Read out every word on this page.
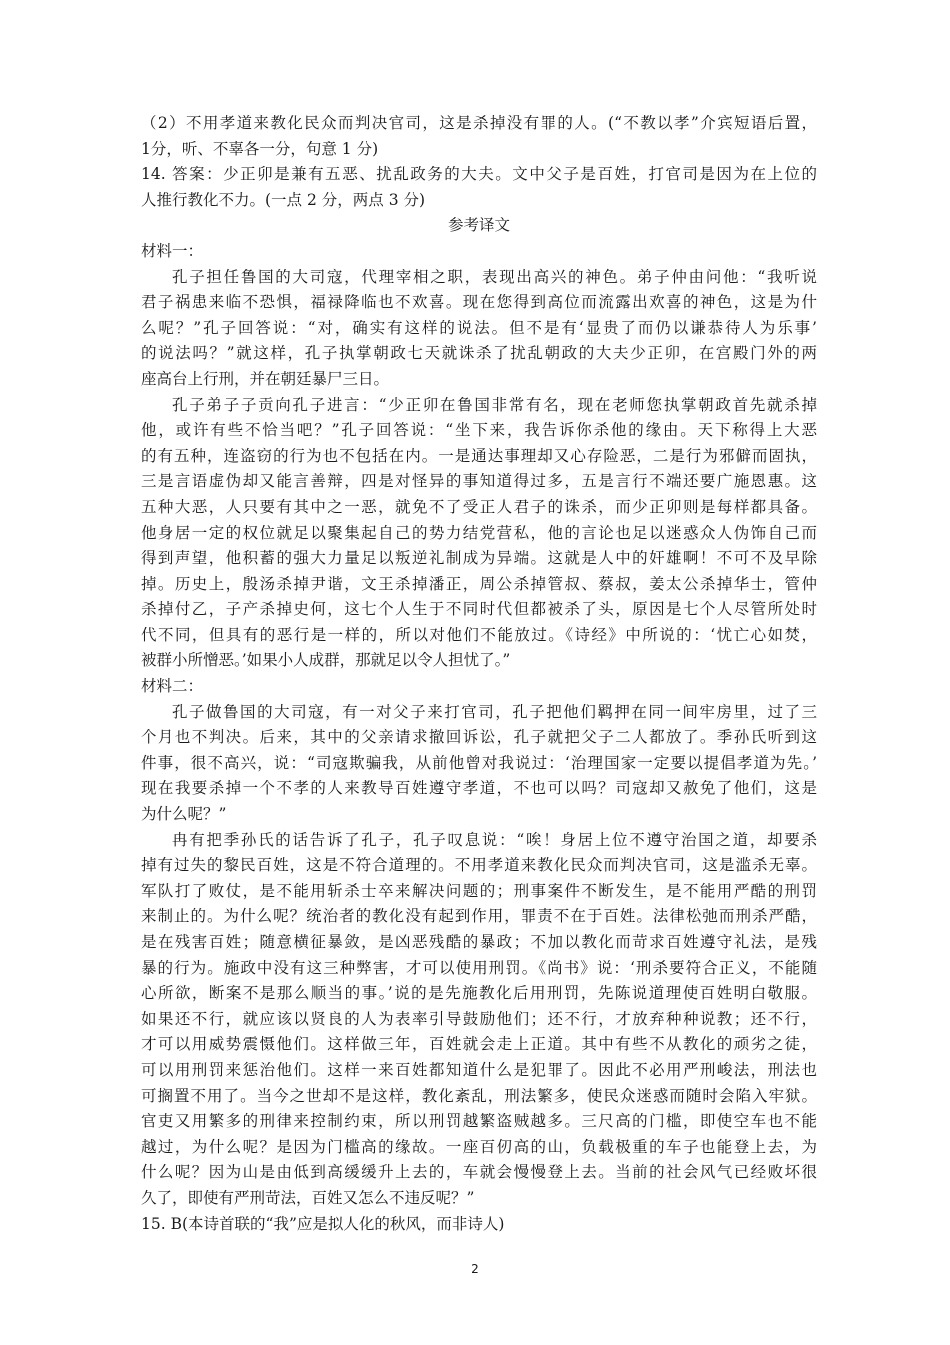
（2）不用孝道来教化民众而判决官司，这是杀掉没有罪的人。(“不教以孝”介宾短语后置，
1分，听、不辜各一分，句意 1 分)
14. 答案：少正卯是兼有五恶、扰乱政务的大夫。文中父子是百姓，打官司是因为在上位的
人推行教化不力。(一点 2 分，两点 3 分)
参考译文
材料一：
孔子担任鲁国的大司寇，代理宰相之职，表现出高兴的神色。弟子仲由问他：“我听说
君子祸患来临不恐惧，福禄降临也不欢喜。现在您得到高位而流露出欢喜的神色，这是为什
么呢？”孔子回答说：“对，确实有这样的说法。但不是有‘显贵了而仍以谦恭待人为乐事’
的说法吗？”就这样，孔子执掌朝政七天就诛杀了扰乱朝政的大夫少正卯，在宫殿门外的两
座高台上行刑，并在朝廷暴尸三日。
孔子弟子子贡向孔子进言：“少正卯在鲁国非常有名，现在老师您执掌朝政首先就杀掉
他，或许有些不恰当吧？”孔子回答说：“坐下来，我告诉你杀他的缘由。天下称得上大恶
的有五种，连盗窃的行为也不包括在内。一是通达事理却又心存险恶，二是行为邪僻而固执，
三是言语虚伪却又能言善辩，四是对怪异的事知道得过多，五是言行不端还要广施恩惠。这
五种大恶，人只要有其中之一恶，就免不了受正人君子的诛杀，而少正卯则是每样都具备。
他身居一定的权位就足以聚集起自己的势力结党营私，他的言论也足以迷惑众人伪饰自己而
得到声望，他积蓄的强大力量足以叛逆礼制成为异端。这就是人中的奸雄啊！不可不及早除
掉。历史上，殷汤杀掉尹谐，文王杀掉潘正，周公杀掉管叔、蔡叔，姜太公杀掉华士，管仲
杀掉付乙，子产杀掉史何，这七个人生于不同时代但都被杀了头，原因是七个人尽管所处时
代不同，但具有的恶行是一样的，所以对他们不能放过。《诗经》中所说的：‘忧亡心如焚，
被群小所憎恶。’如果小人成群，那就足以令人担忧了。”
材料二：
孔子做鲁国的大司寇，有一对父子来打官司，孔子把他们羁押在同一间牢房里，过了三
个月也不判决。后来，其中的父亲请求撤回诉讼，孔子就把父子二人都放了。季孙氏听到这
件事，很不高兴，说：“司寇欺骗我，从前他曾对我说过：‘治理国家一定要以提倡孝道为先。’
现在我要杀掉一个不孝的人来教导百姓遵守孝道，不也可以吗？司寇却又赦免了他们，这是
为什么呢？”
冉有把季孙氏的话告诉了孔子，孔子叹息说：“唉！身居上位不遵守治国之道，却要杀
掉有过失的黎民百姓，这是不符合道理的。不用孝道来教化民众而判决官司，这是滥杀无辜。
军队打了败仗，是不能用斩杀士卒来解决问题的；刑事案件不断发生，是不能用严酷的刑罚
来制止的。为什么呢？统治者的教化没有起到作用，罪责不在于百姓。法律松弛而刑杀严酷，
是在残害百姓；随意横征暴敛，是凶恶残酷的暴政；不加以教化而苛求百姓遵守礼法，是残
暴的行为。施政中没有这三种弊害，才可以使用刑罚。《尚书》说：‘刑杀要符合正义，不能随
心所欲，断案不是那么顺当的事。’说的是先施教化后用刑罚，先陈说道理使百姓明白敬服。
如果还不行，就应该以贤良的人为表率引导鼓励他们；还不行，才放弃种种说教；还不行，
才可以用威势震慑他们。这样做三年，百姓就会走上正道。其中有些不从教化的顽劣之徒，
可以用刑罚来惩治他们。这样一来百姓都知道什么是犯罪了。因此不必用严刑峻法，刑法也
可搁置不用了。当今之世却不是这样，教化紊乱，刑法繁多，使民众迷惑而随时会陷入牢狱。
官吏又用繁多的刑律来控制约束，所以刑罚越繁盗贼越多。三尺高的门槛，即使空车也不能
越过，为什么呢？是因为门槛高的缘故。一座百仞高的山，负载极重的车子也能登上去，为
什么呢？因为山是由低到高缓缓升上去的，车就会慢慢登上去。当前的社会风气已经败坏很
久了，即使有严刑苛法，百姓又怎么不违反呢？”
15. B(本诗首联的“我”应是拟人化的秋风，而非诗人)
2
